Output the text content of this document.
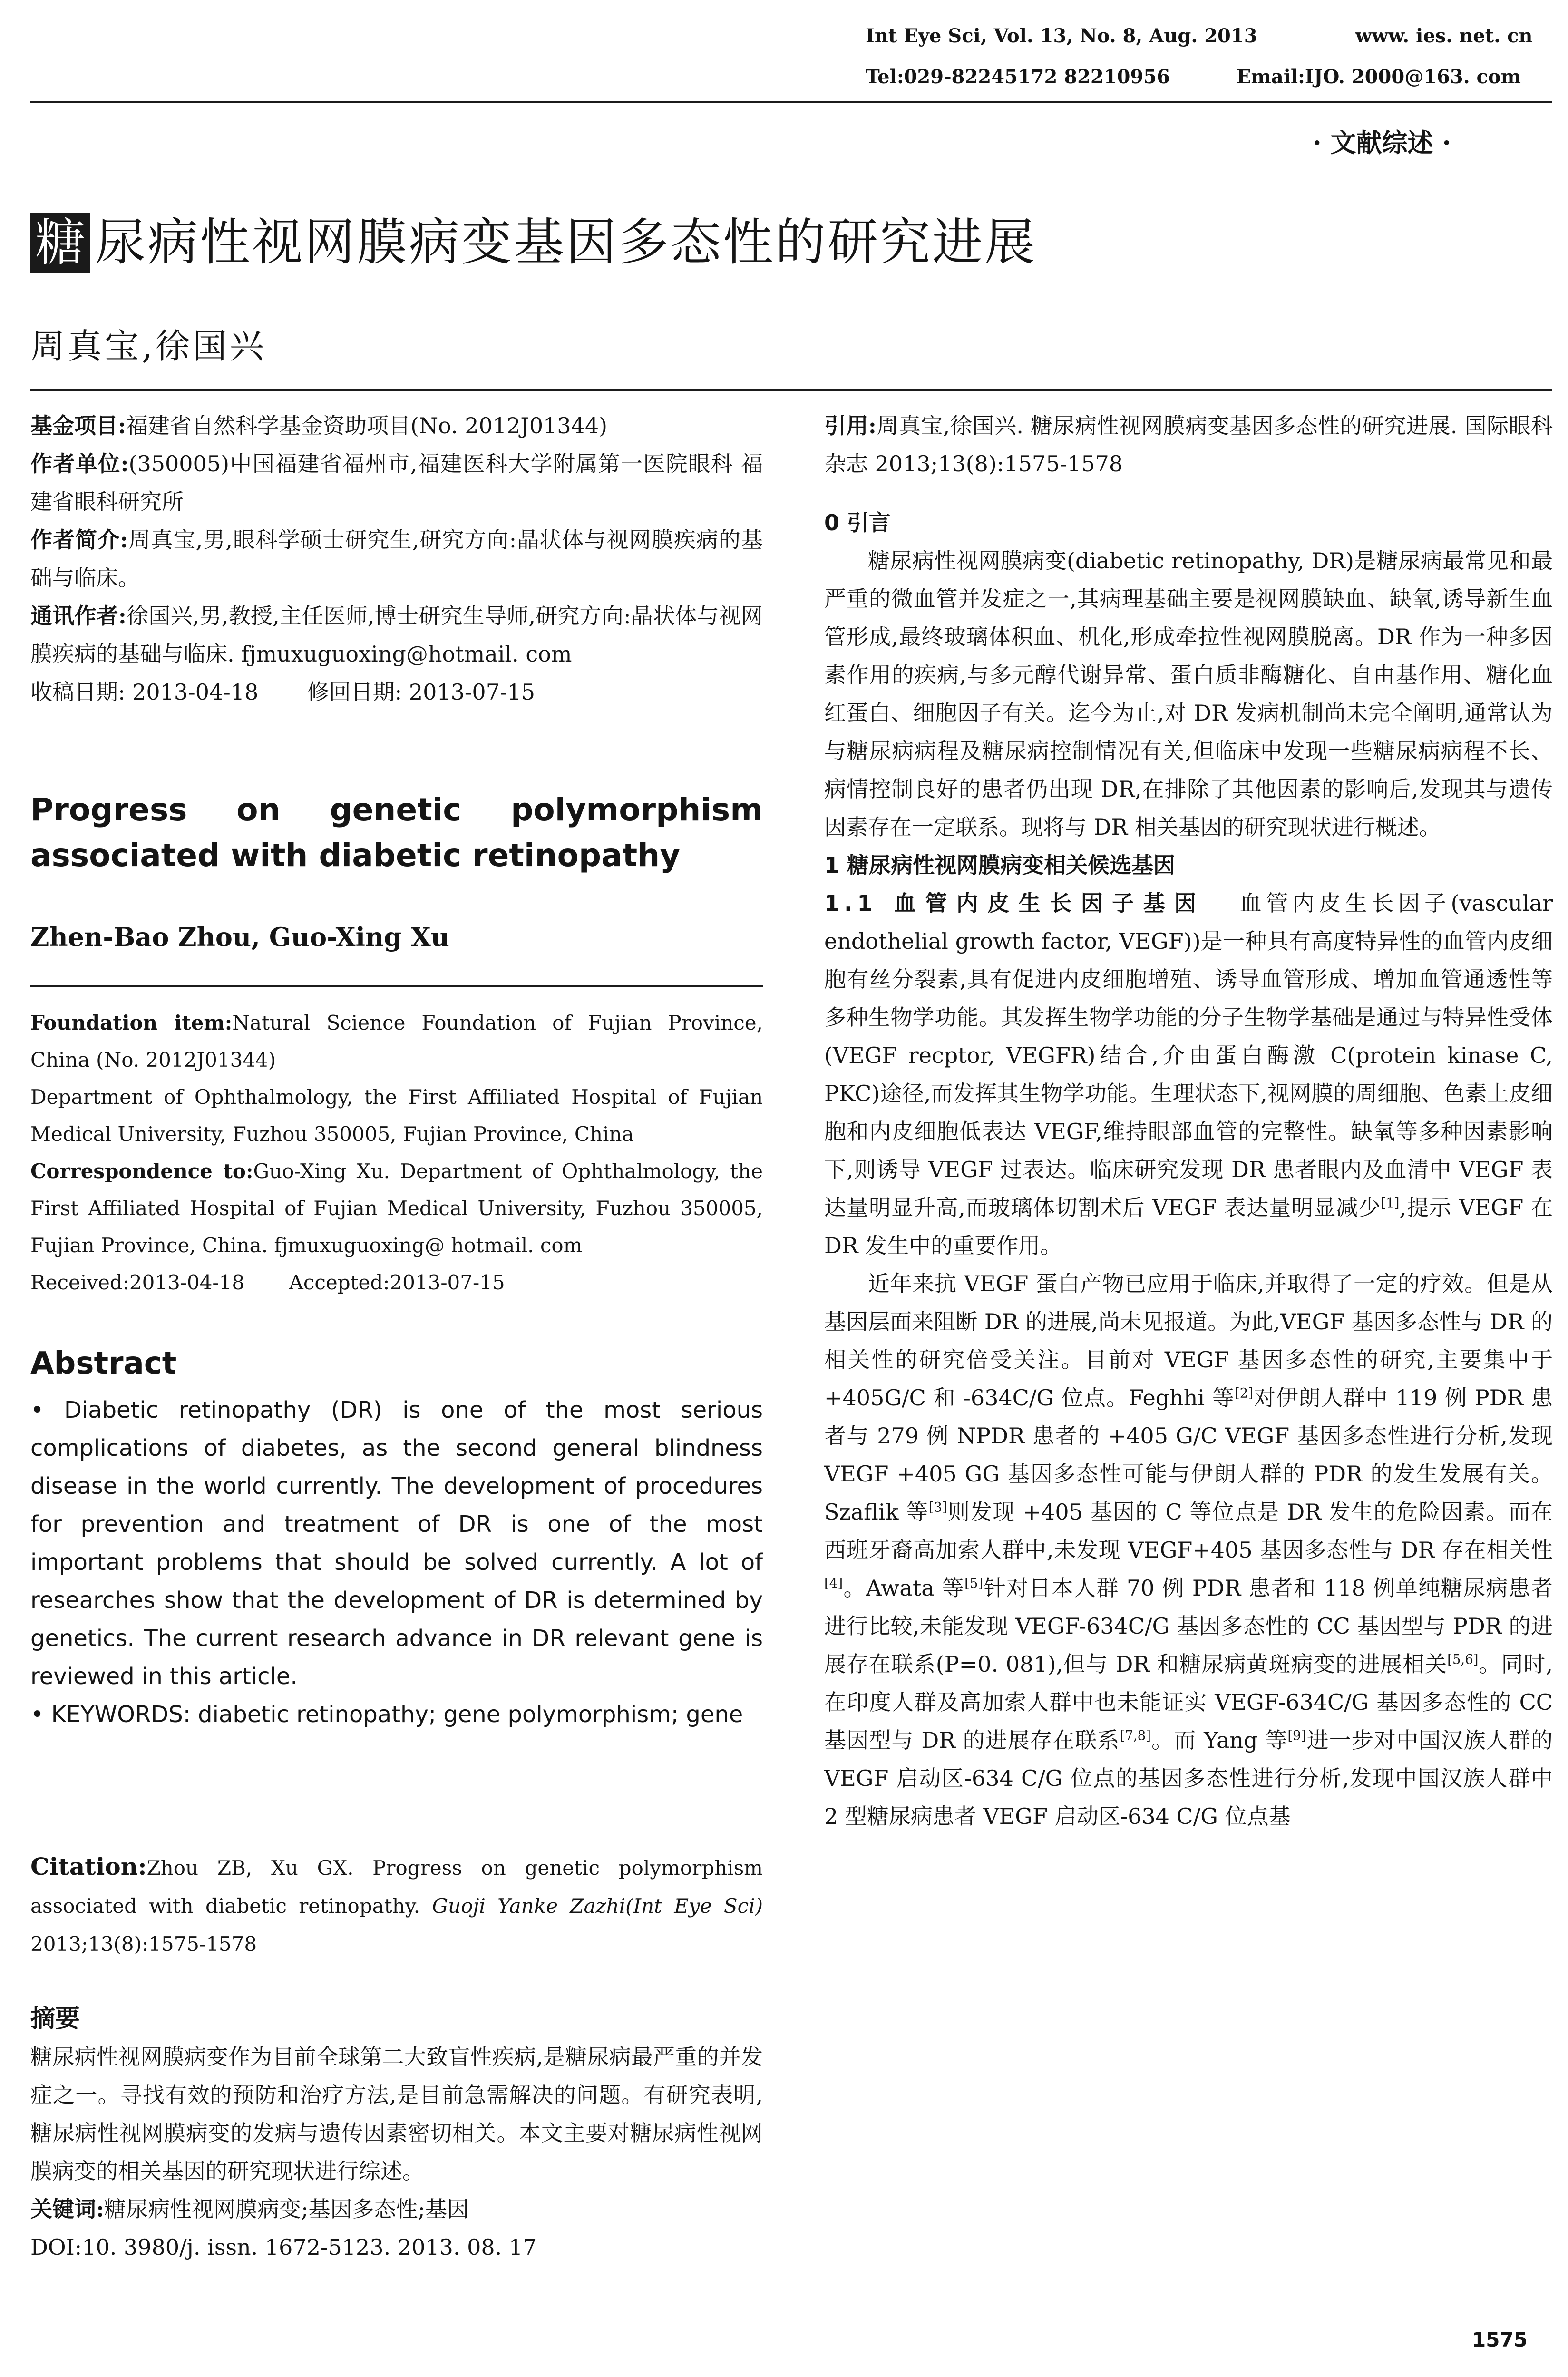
Int Eye Sci, Vol. 13, No. 8, Aug. 2013	www. ies. net. cn
Tel:029-82245172 82210956	Email:IJO. 2000@163. com
· 文献综述 ·
糖 尿病性视网膜病变基因多态性的研究进展
周真宝,徐国兴

基金项目:福建省自然科学基金资助项目(No. 2012J01344)

作者单位:(350005)中国福建省福州市,福建医科大学附属第一医院眼科 福建省眼科研究所

作者简介:周真宝,男,眼科学硕士研究生,研究方向:晶状体与视网膜疾病的基础与临床。

通讯作者:徐国兴,男,教授,主任医师,博士研究生导师,研究方向:晶状体与视网膜疾病的基础与临床. fjmuxuguoxing@hotmail. com

收稿日期: 2013-04-18 修回日期: 2013-07-15

Progress on genetic polymorphism associated with diabetic retinopathy
Zhen-Bao Zhou, Guo-Xing Xu

Foundation item:Natural Science Foundation of Fujian Province, China (No. 2012J01344)

Department of Ophthalmology, the First Affiliated Hospital of Fujian Medical University, Fuzhou 350005, Fujian Province, China

Correspondence to:Guo-Xing Xu. Department of Ophthalmology, the First Affiliated Hospital of Fujian Medical University, Fuzhou 350005, Fujian Province, China. fjmuxuguoxing@ hotmail. com

Received:2013-04-18 Accepted:2013-07-15

Abstract

• Diabetic retinopathy (DR) is one of the most serious complications of diabetes, as the second general blindness disease in the world currently. The development of procedures for prevention and treatment of DR is one of the most important problems that should be solved currently. A lot of researches show that the development of DR is determined by genetics. The current research advance in DR relevant gene is reviewed in this article.

• KEYWORDS: diabetic retinopathy; gene polymorphism; gene

Citation:Zhou ZB, Xu GX. Progress on genetic polymorphism associated with diabetic retinopathy. Guoji Yanke Zazhi(Int Eye Sci) 2013;13(8):1575-1578

摘要

糖尿病性视网膜病变作为目前全球第二大致盲性疾病,是糖尿病最严重的并发症之一。寻找有效的预防和治疗方法,是目前急需解决的问题。有研究表明,糖尿病性视网膜病变的发病与遗传因素密切相关。本文主要对糖尿病性视网膜病变的相关基因的研究现状进行综述。

关键词:糖尿病性视网膜病变;基因多态性;基因

DOI:10. 3980/j. issn. 1672-5123. 2013. 08. 17

引用:周真宝,徐国兴. 糖尿病性视网膜病变基因多态性的研究进展. 国际眼科杂志 2013;13(8):1575-1578

0 引言

糖尿病性视网膜病变(diabetic retinopathy, DR)是糖尿病最常见和最严重的微血管并发症之一,其病理基础主要是视网膜缺血、缺氧,诱导新生血管形成,最终玻璃体积血、机化,形成牵拉性视网膜脱离。DR 作为一种多因素作用的疾病,与多元醇代谢异常、蛋白质非酶糖化、自由基作用、糖化血红蛋白、细胞因子有关。迄今为止,对 DR 发病机制尚未完全阐明,通常认为与糖尿病病程及糖尿病控制情况有关,但临床中发现一些糖尿病病程不长、病情控制良好的患者仍出现 DR,在排除了其他因素的影响后,发现其与遗传因素存在一定联系。现将与 DR 相关基因的研究现状进行概述。

1 糖尿病性视网膜病变相关候选基因

1.1 血管内皮生长因子基因 血管内皮生长因子(vascular endothelial growth factor, VEGF))是一种具有高度特异性的血管内皮细胞有丝分裂素,具有促进内皮细胞增殖、诱导血管形成、增加血管通透性等多种生物学功能。其发挥生物学功能的分子生物学基础是通过与特异性受体(VEGF recptor, VEGFR)结合,介由蛋白酶激 C(protein kinase C, PKC)途径,而发挥其生物学功能。生理状态下,视网膜的周细胞、色素上皮细胞和内皮细胞低表达 VEGF,维持眼部血管的完整性。缺氧等多种因素影响下,则诱导 VEGF 过表达。临床研究发现 DR 患者眼内及血清中 VEGF 表达量明显升高,而玻璃体切割术后 VEGF 表达量明显减少[1],提示 VEGF 在 DR 发生中的重要作用。

近年来抗 VEGF 蛋白产物已应用于临床,并取得了一定的疗效。但是从基因层面来阻断 DR 的进展,尚未见报道。为此,VEGF 基因多态性与 DR 的相关性的研究倍受关注。目前对 VEGF 基因多态性的研究,主要集中于 +405G/C 和 -634C/G 位点。Feghhi 等[2]对伊朗人群中 119 例 PDR 患者与 279 例 NPDR 患者的 +405 G/C VEGF 基因多态性进行分析,发现 VEGF +405 GG 基因多态性可能与伊朗人群的 PDR 的发生发展有关。Szaflik 等[3]则发现 +405 基因的 C 等位点是 DR 发生的危险因素。而在西班牙裔高加索人群中,未发现 VEGF+405 基因多态性与 DR 存在相关性[4]。Awata 等[5]针对日本人群 70 例 PDR 患者和 118 例单纯糖尿病患者进行比较,未能发现 VEGF-634C/G 基因多态性的 CC 基因型与 PDR 的进展存在联系(P=0. 081),但与 DR 和糖尿病黄斑病变的进展相关[5,6]。同时,在印度人群及高加索人群中也未能证实 VEGF-634C/G 基因多态性的 CC 基因型与 DR 的进展存在联系[7,8]。而 Yang 等[9]进一步对中国汉族人群的 VEGF 启动区-634 C/G 位点的基因多态性进行分析,发现中国汉族人群中 2 型糖尿病患者 VEGF 启动区-634 C/G 位点基

1575
